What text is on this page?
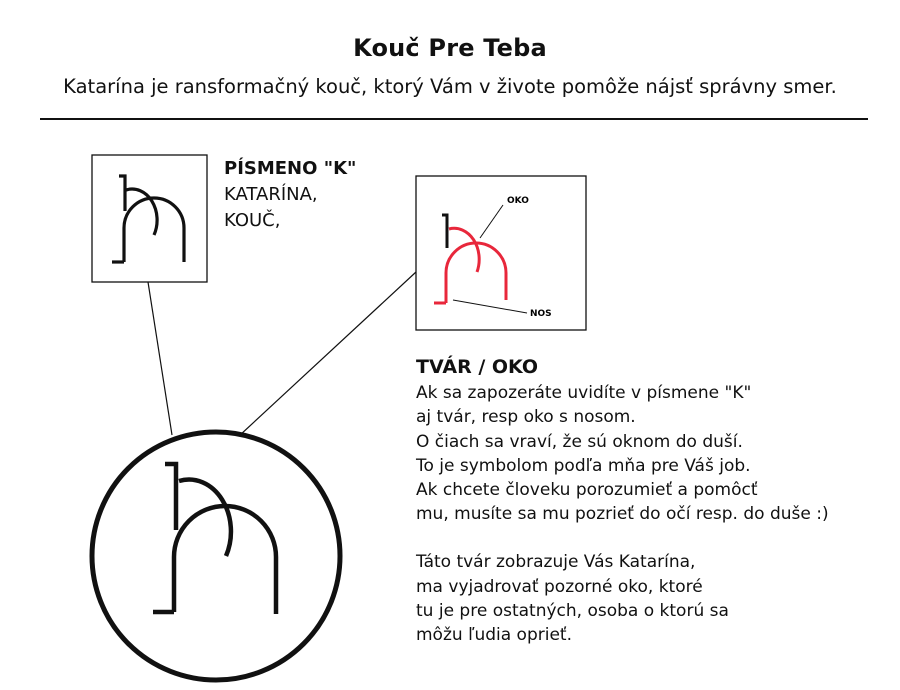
Kouč Pre Teba
Katarína je ransformačný kouč, ktorý Vám v živote pomôže nájsť správny smer.
OKO
NOS
PÍSMENO "K"
KATARÍNA,
KOUČ,
TVÁR / OKO
Ak sa zapozeráte uvidíte v písmene "K"
aj tvár, resp oko s nosom.
O čiach sa vraví, že sú oknom do duší.
To je symbolom podľa mňa pre Váš job.
Ak chcete človeku porozumieť a pomôcť
mu, musíte sa mu pozrieť do očí resp. do duše :)
Táto tvár zobrazuje Vás Katarína,
ma vyjadrovať pozorné oko, ktoré
tu je pre ostatných, osoba o ktorú sa
môžu ľudia oprieť.
